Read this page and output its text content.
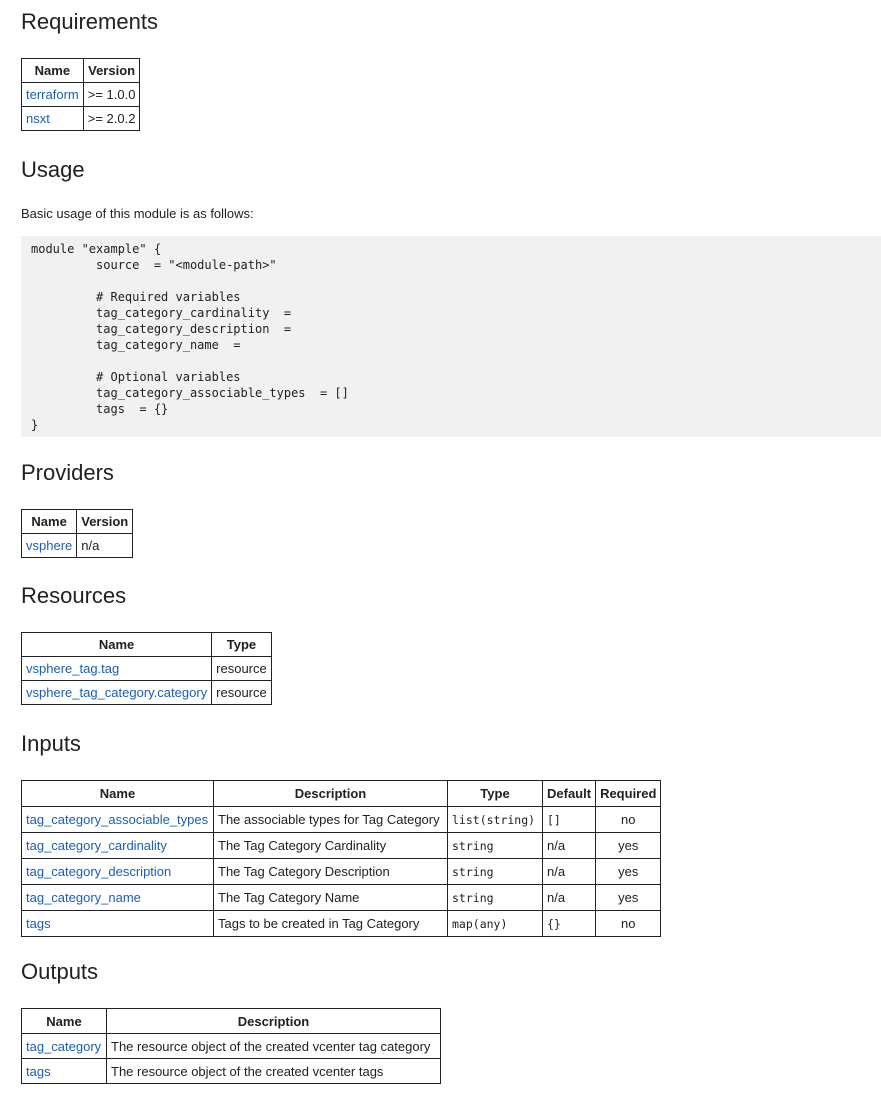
Requirements
Name	Version
terraform	>= 1.0.0
nsxt	>= 2.0.2
Usage

Basic usage of this module is as follows:

module "example" {
	source  = "<module-path>"

	# Required variables
	tag_category_cardinality  =
	tag_category_description  =
	tag_category_name  =

	# Optional variables
	tag_category_associable_types  = []
	tags  = {}
}
Providers
Name	Version
vsphere	n/a
Resources
Name	Type
vsphere_tag.tag	resource
vsphere_tag_category.category	resource
Inputs
Name	Description	Type	Default	Required
tag_category_associable_types	The associable types for Tag Category	list(string)	[]	no
tag_category_cardinality	The Tag Category Cardinality	string	n/a	yes
tag_category_description	The Tag Category Description	string	n/a	yes
tag_category_name	The Tag Category Name	string	n/a	yes
tags	Tags to be created in Tag Category	map(any)	{}	no
Outputs
Name	Description
tag_category	The resource object of the created vcenter tag category
tags	The resource object of the created vcenter tags
